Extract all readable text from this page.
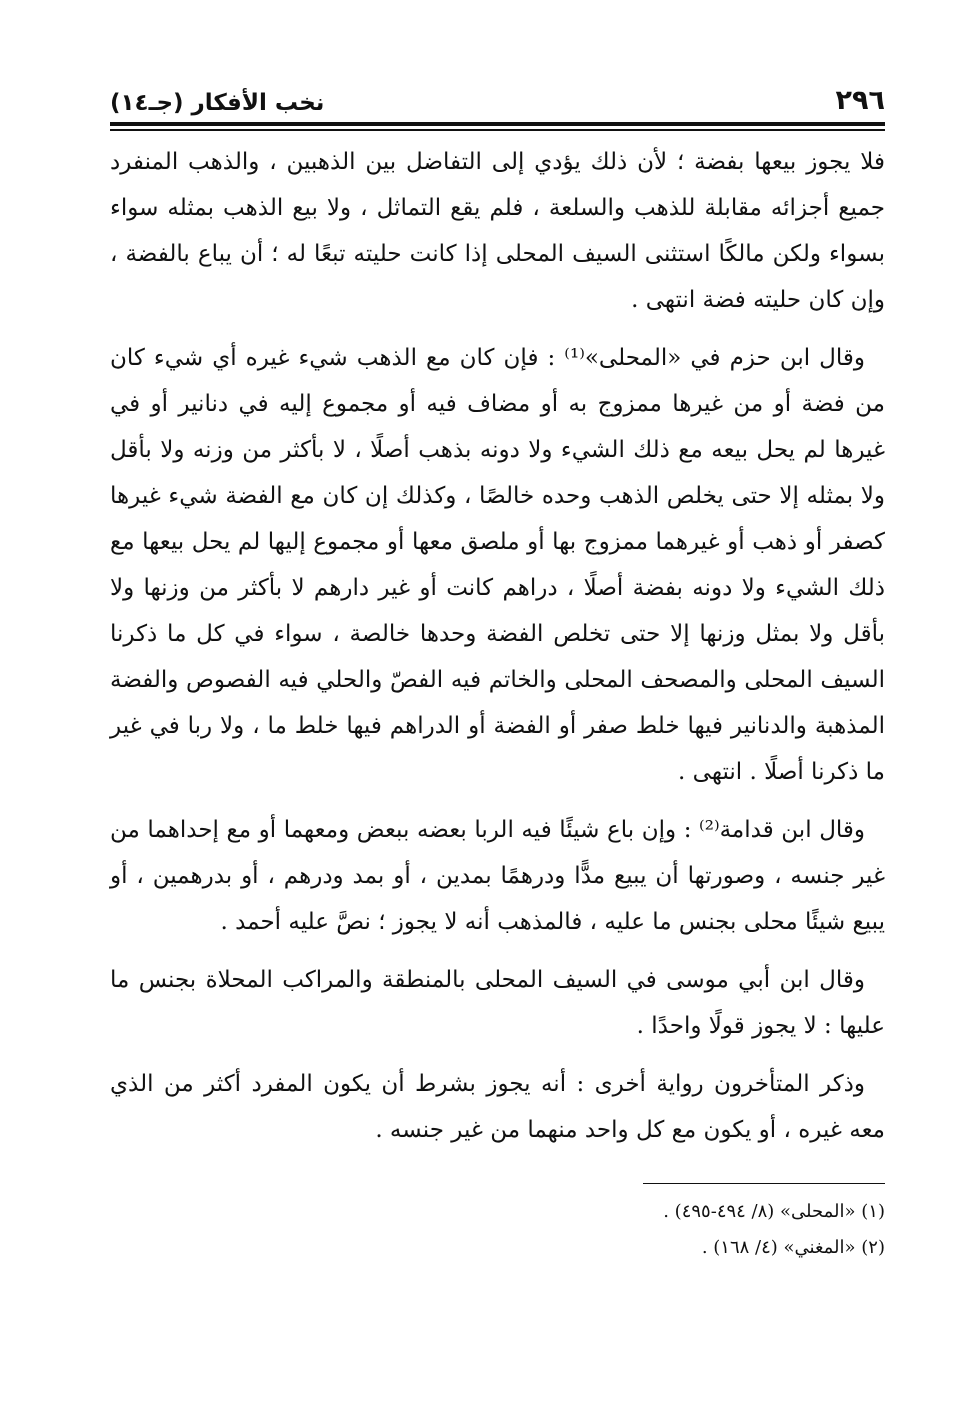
٢٩٦
نخب الأفكار (جـ١٤)

فلا يجوز بيعها بفضة ؛ لأن ذلك يؤدي إلى التفاضل بين الذهبين ، والذهب المنفرد جميع أجزائه مقابلة للذهب والسلعة ، فلم يقع التماثل ، ولا بيع الذهب بمثله سواء بسواء ولكن مالكًا استثنى السيف المحلى إذا كانت حليته تبعًا له ؛ أن يباع بالفضة ، وإن كان حليته فضة انتهى .

وقال ابن حزم في «المحلى»⁽¹⁾ : فإن كان مع الذهب شيء غيره أي شيء كان من فضة أو من غيرها ممزوج به أو مضاف فيه أو مجموع إليه في دنانير أو في غيرها لم يحل بيعه مع ذلك الشيء ولا دونه بذهب أصلًا ، لا بأكثر من وزنه ولا بأقل ولا بمثله إلا حتى يخلص الذهب وحده خالصًا ، وكذلك إن كان مع الفضة شيء غيرها كصفر أو ذهب أو غيرهما ممزوج بها أو ملصق معها أو مجموع إليها لم يحل بيعها مع ذلك الشيء ولا دونه بفضة أصلًا ، دراهم كانت أو غير دارهم لا بأكثر من وزنها ولا بأقل ولا بمثل وزنها إلا حتى تخلص الفضة وحدها خالصة ، سواء في كل ما ذكرنا السيف المحلى والمصحف المحلى والخاتم فيه الفصّ والحلي فيه الفصوص والفضة المذهبة والدنانير فيها خلط صفر أو الفضة أو الدراهم فيها خلط ما ، ولا ربا في غير ما ذكرنا أصلًا . انتهى .

وقال ابن قدامة⁽²⁾ : وإن باع شيئًا فيه الربا بعضه ببعض ومعهما أو مع إحداهما من غير جنسه ، وصورتها أن يبيع مدًّا ودرهمًا بمدين ، أو بمد ودرهم ، أو بدرهمين ، أو يبيع شيئًا محلى بجنس ما عليه ، فالمذهب أنه لا يجوز ؛ نصَّ عليه أحمد .

وقال ابن أبي موسى في السيف المحلى بالمنطقة والمراكب المحلاة بجنس ما عليها : لا يجوز قولًا واحدًا .

وذكر المتأخرون رواية أخرى : أنه يجوز بشرط أن يكون المفرد أكثر من الذي معه غيره ، أو يكون مع كل واحد منهما من غير جنسه .

(١) «المحلى» (٨/ ٤٩٤-٤٩٥) .

(٢) «المغني» (٤/ ١٦٨) .
